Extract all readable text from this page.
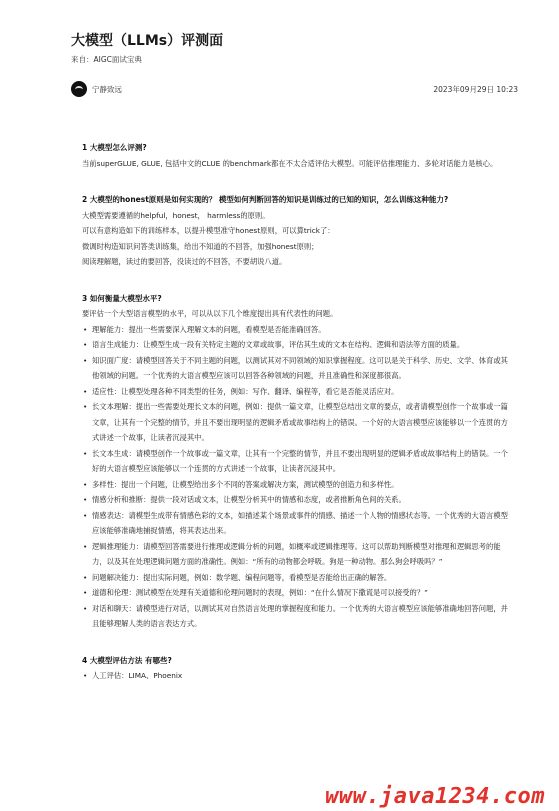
大模型（LLMs）评测面
来自：AIGC面试宝典
宁静致远	2023年09月29日 10:23
1 大模型怎么评测?

当前superGLUE, GLUE, 包括中文的CLUE 的benchmark都在不太合适评估大模型。可能评估推理能力、多轮对话能力是核心。

2 大模型的honest原则是如何实现的？ 模型如何判断回答的知识是训练过的已知的知识，怎么训练这种能力?

大模型需要遵循的helpful，honest， harmless的原则。

可以有意构造如下的训练样本，以提升模型准守honest原则，可以算trick了：

微调时构造知识问答类训练集，给出不知道的不回答，加强honest原则；

阅读理解题，读过的要回答，没读过的不回答，不要胡说八道。

3 如何衡量大模型水平?

要评估一个大型语言模型的水平，可以从以下几个维度提出具有代表性的问题。

• 理解能力：提出一些需要深入理解文本的问题，看模型是否能准确回答。
• 语言生成能力：让模型生成一段有关特定主题的文章或故事，评估其生成的文本在结构、逻辑和语法等方面的质量。
• 知识面广度：请模型回答关于不同主题的问题，以测试其对不同领域的知识掌握程度。这可以是关于科学、历史、文学、体育或其他领域的问题。一个优秀的大语言模型应该可以回答各种领域的问题，并且准确性和深度都很高。
• 适应性：让模型处理各种不同类型的任务，例如：写作、翻译、编程等，看它是否能灵活应对。
• 长文本理解：提出一些需要处理长文本的问题，例如：提供一篇文章，让模型总结出文章的要点，或者请模型创作一个故事或一篇文章，让其有一个完整的情节，并且不要出现明显的逻辑矛盾或故事结构上的错误。一个好的大语言模型应该能够以一个连贯的方式讲述一个故事，让读者沉浸其中。
• 长文本生成：请模型创作一个故事或一篇文章，让其有一个完整的情节，并且不要出现明显的逻辑矛盾或故事结构上的错误。一个好的大语言模型应该能够以一个连贯的方式讲述一个故事，让读者沉浸其中。
• 多样性：提出一个问题，让模型给出多个不同的答案或解决方案，测试模型的创造力和多样性。
• 情感分析和推断：提供一段对话或文本，让模型分析其中的情感和态度，或者推断角色间的关系。
• 情感表达：请模型生成带有情感色彩的文本，如描述某个场景或事件的情感、描述一个人物的情感状态等。一个优秀的大语言模型应该能够准确地捕捉情感，将其表达出来。
• 逻辑推理能力：请模型回答需要进行推理或逻辑分析的问题，如概率或逻辑推理等。这可以帮助判断模型对推理和逻辑思考的能力，以及其在处理逻辑问题方面的准确性。例如：“所有的动物都会呼吸。狗是一种动物。那么狗会呼吸吗？”
• 问题解决能力：提出实际问题，例如：数学题、编程问题等，看模型是否能给出正确的解答。
• 道德和伦理：测试模型在处理有关道德和伦理问题时的表现，例如：“在什么情况下撒谎是可以接受的？”
• 对话和聊天：请模型进行对话，以测试其对自然语言处理的掌握程度和能力。一个优秀的大语言模型应该能够准确地回答问题，并且能够理解人类的语言表达方式。
4 大模型评估方法 有哪些?
• 人工评估：LIMA、Phoenix
www.java1234.com
